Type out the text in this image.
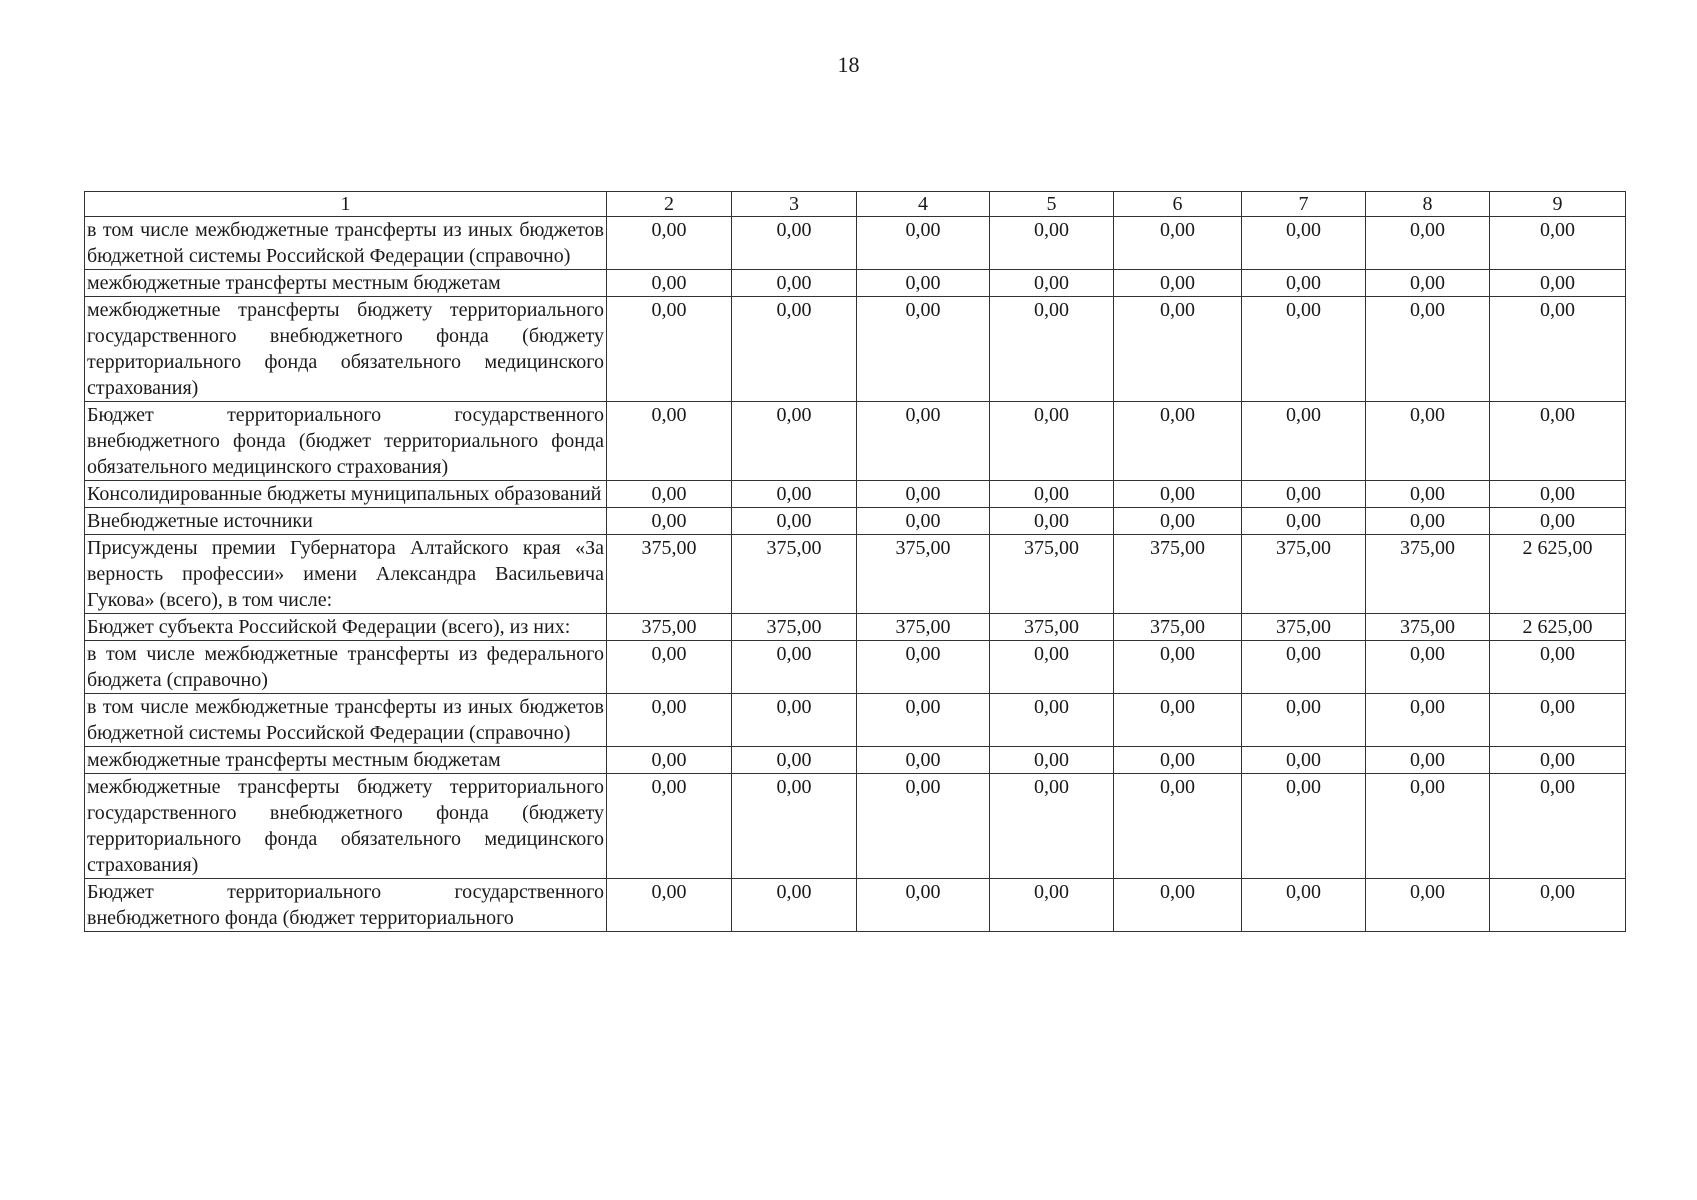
18
1	2	3	4	5	6	7	8	9
в том числе межбюджетные трансферты из иных бюджетов бюджетной системы Российской Федерации (справочно)	0,00	0,00	0,00	0,00	0,00	0,00	0,00	0,00
межбюджетные трансферты местным бюджетам	0,00	0,00	0,00	0,00	0,00	0,00	0,00	0,00
межбюджетные трансферты бюджету территориального государственного внебюджетного фонда (бюджету территориального фонда обязательного медицинского страхования)	0,00	0,00	0,00	0,00	0,00	0,00	0,00	0,00
Бюджет территориального государственного внебюджетного фонда (бюджет территориального фонда обязательного медицинского страхования)	0,00	0,00	0,00	0,00	0,00	0,00	0,00	0,00
Консолидированные бюджеты муниципальных образований	0,00	0,00	0,00	0,00	0,00	0,00	0,00	0,00
Внебюджетные источники	0,00	0,00	0,00	0,00	0,00	0,00	0,00	0,00
Присуждены премии Губернатора Алтайского края «За верность профессии» имени Александра Васильевича Гукова» (всего), в том числе:	375,00	375,00	375,00	375,00	375,00	375,00	375,00	2 625,00
Бюджет субъекта Российской Федерации (всего), из них:	375,00	375,00	375,00	375,00	375,00	375,00	375,00	2 625,00
в том числе межбюджетные трансферты из федерального бюджета (справочно)	0,00	0,00	0,00	0,00	0,00	0,00	0,00	0,00
в том числе межбюджетные трансферты из иных бюджетов бюджетной системы Российской Федерации (справочно)	0,00	0,00	0,00	0,00	0,00	0,00	0,00	0,00
межбюджетные трансферты местным бюджетам	0,00	0,00	0,00	0,00	0,00	0,00	0,00	0,00
межбюджетные трансферты бюджету территориального государственного внебюджетного фонда (бюджету территориального фонда обязательного медицинского страхования)	0,00	0,00	0,00	0,00	0,00	0,00	0,00	0,00
Бюджет территориального государственного внебюджетного фонда (бюджет территориального	0,00	0,00	0,00	0,00	0,00	0,00	0,00	0,00
